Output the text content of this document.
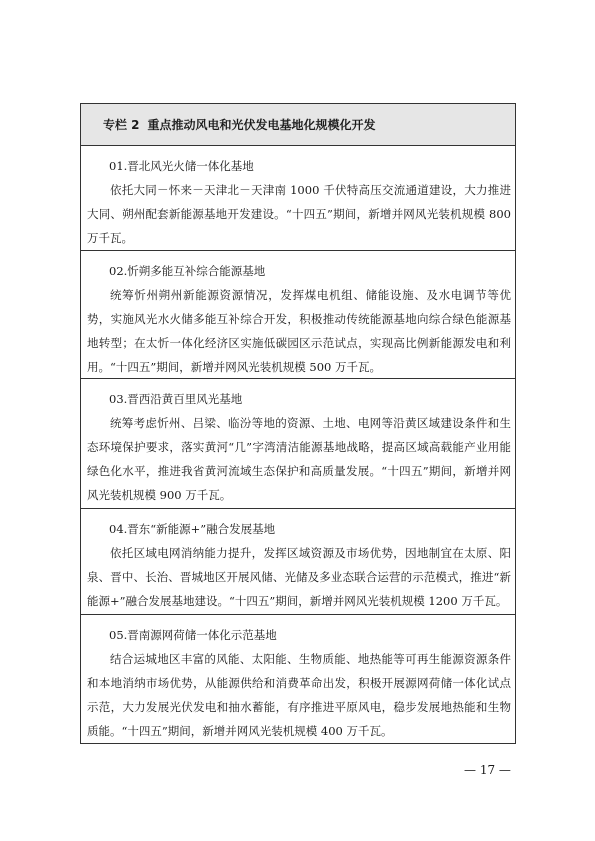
专栏 2 重点推动风电和光伏发电基地化规模化开发
01.晋北风光火储一体化基地

依托大同－怀来－天津北－天津南 1000 千伏特高压交流通道建设，大力推进大同、朔州配套新能源基地开发建设。“十四五”期间，新增并网风光装机规模 800 万千瓦。

02.忻朔多能互补综合能源基地

统筹忻州朔州新能源资源情况，发挥煤电机组、储能设施、及水电调节等优势，实施风光水火储多能互补综合开发，积极推动传统能源基地向综合绿色能源基地转型；在太忻一体化经济区实施低碳园区示范试点，实现高比例新能源发电和利用。“十四五”期间，新增并网风光装机规模 500 万千瓦。

03.晋西沿黄百里风光基地

统筹考虑忻州、吕梁、临汾等地的资源、土地、电网等沿黄区域建设条件和生态环境保护要求，落实黄河“几”字湾清洁能源基地战略，提高区域高载能产业用能绿色化水平，推进我省黄河流域生态保护和高质量发展。“十四五”期间，新增并网风光装机规模 900 万千瓦。

04.晋东“新能源+”融合发展基地

依托区域电网消纳能力提升，发挥区域资源及市场优势，因地制宜在太原、阳泉、晋中、长治、晋城地区开展风储、光储及多业态联合运营的示范模式，推进“新能源+”融合发展基地建设。“十四五”期间，新增并网风光装机规模 1200 万千瓦。

05.晋南源网荷储一体化示范基地

结合运城地区丰富的风能、太阳能、生物质能、地热能等可再生能源资源条件和本地消纳市场优势，从能源供给和消费革命出发，积极开展源网荷储一体化试点示范，大力发展光伏发电和抽水蓄能，有序推进平原风电，稳步发展地热能和生物质能。“十四五”期间，新增并网风光装机规模 400 万千瓦。

— 17 —
